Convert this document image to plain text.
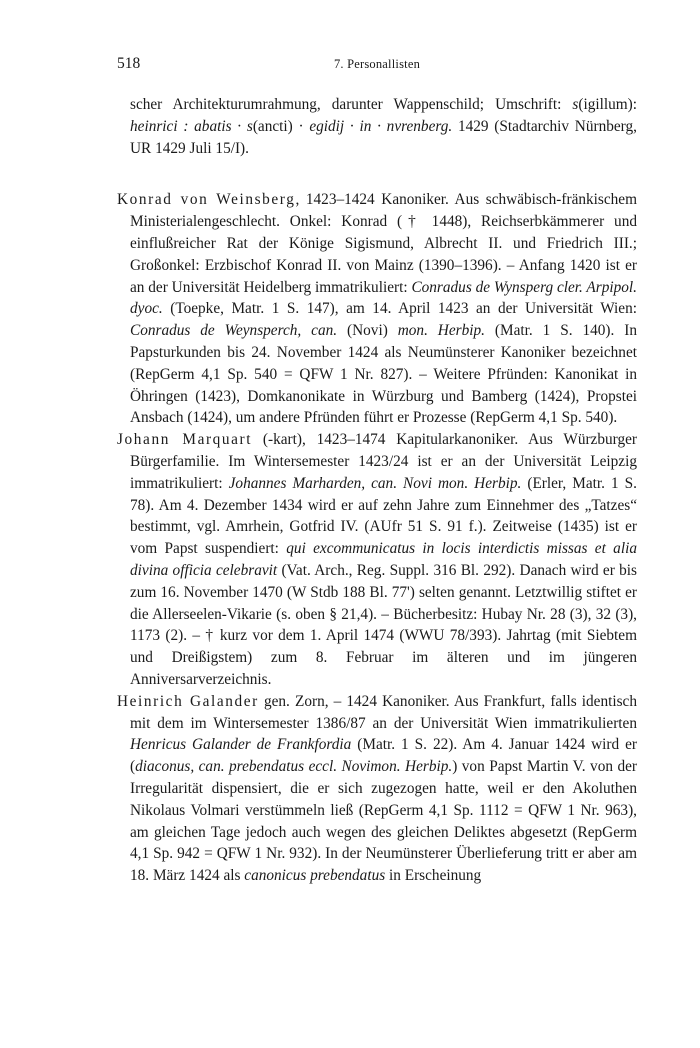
518	7. Personallisten

scher Architekturumrahmung, darunter Wappenschild; Umschrift: s(igillum): heinrici : abatis · s(ancti) · egidij · in · nvrenberg. 1429 (Stadtarchiv Nürnberg, UR 1429 Juli 15/I).

Konrad von Weinsberg, 1423–1424 Kanoniker. Aus schwäbisch-fränkischem Ministerialengeschlecht. Onkel: Konrad († 1448), Reichserbkämmerer und einflußreicher Rat der Könige Sigismund, Albrecht II. und Friedrich III.; Großonkel: Erzbischof Konrad II. von Mainz (1390–1396). – Anfang 1420 ist er an der Universität Heidelberg immatrikuliert: Conradus de Wynsperg cler. Arpipol. dyoc. (Toepke, Matr. 1 S. 147), am 14. April 1423 an der Universität Wien: Conradus de Weynsperch, can. (Novi) mon. Herbip. (Matr. 1 S. 140). In Papsturkunden bis 24. November 1424 als Neumünsterer Kanoniker bezeichnet (RepGerm 4,1 Sp. 540 = QFW 1 Nr. 827). – Weitere Pfründen: Kanonikat in Öhringen (1423), Domkanonikate in Würzburg und Bamberg (1424), Propstei Ansbach (1424), um andere Pfründen führt er Prozesse (RepGerm 4,1 Sp. 540).

Johann Marquart (-kart), 1423–1474 Kapitularkanoniker. Aus Würzburger Bürgerfamilie. Im Wintersemester 1423/24 ist er an der Universität Leipzig immatrikuliert: Johannes Marharden, can. Novi mon. Herbip. (Erler, Matr. 1 S. 78). Am 4. Dezember 1434 wird er auf zehn Jahre zum Einnehmer des „Tatzes“ bestimmt, vgl. Amrhein, Gotfrid IV. (AUfr 51 S. 91 f.). Zeitweise (1435) ist er vom Papst suspendiert: qui excommunicatus in locis interdictis missas et alia divina officia celebravit (Vat. Arch., Reg. Suppl. 316 Bl. 292). Danach wird er bis zum 16. November 1470 (W Stdb 188 Bl. 77') selten genannt. Letztwillig stiftet er die Allerseelen-Vikarie (s. oben § 21,4). – Bücherbesitz: Hubay Nr. 28 (3), 32 (3), 1173 (2). – † kurz vor dem 1. April 1474 (WWU 78/393). Jahrtag (mit Siebtem und Dreißigstem) zum 8. Februar im älteren und im jüngeren Anniversarverzeichnis.

Heinrich Galander gen. Zorn, – 1424 Kanoniker. Aus Frankfurt, falls identisch mit dem im Wintersemester 1386/87 an der Universität Wien immatrikulierten Henricus Galander de Frankfordia (Matr. 1 S. 22). Am 4. Januar 1424 wird er (diaconus, can. prebendatus eccl. Novimon. Herbip.) von Papst Martin V. von der Irregularität dispensiert, die er sich zugezogen hatte, weil er den Akoluthen Nikolaus Volmari verstümmeln ließ (RepGerm 4,1 Sp. 1112 = QFW 1 Nr. 963), am gleichen Tage jedoch auch wegen des gleichen Deliktes abgesetzt (RepGerm 4,1 Sp. 942 = QFW 1 Nr. 932). In der Neumünsterer Überlieferung tritt er aber am 18. März 1424 als canonicus prebendatus in Erscheinung
